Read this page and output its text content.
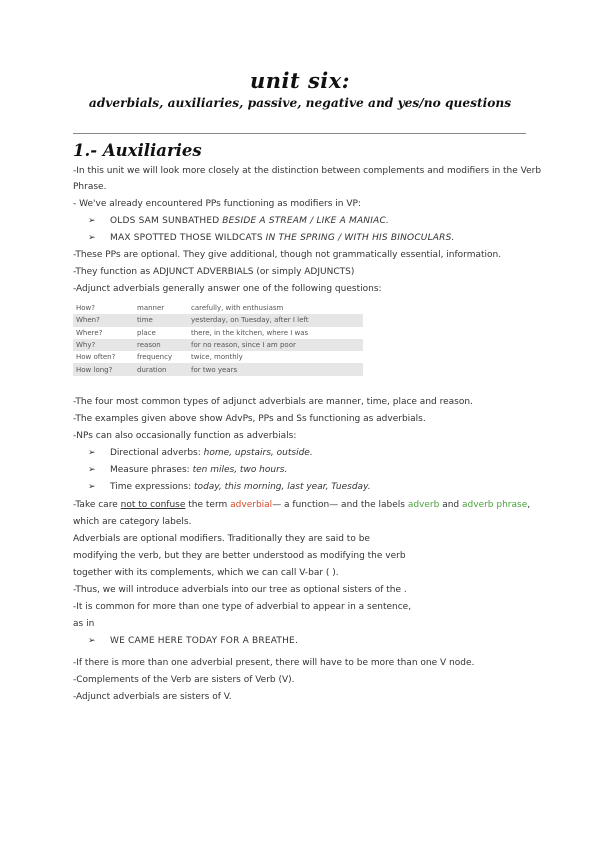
unit six:
adverbials, auxiliaries, passive, negative and yes/no questions
1.- Auxiliaries
-In this unit we will look more closely at the distinction between complements and modifiers in the Verb
Phrase.
- We've already encountered PPs functioning as modifiers in VP:
➢ OLDS SAM SUNBATHED BESIDE A STREAM / LIKE A MANIAC.
➢ MAX SPOTTED THOSE WILDCATS IN THE SPRING / WITH HIS BINOCULARS.
-These PPs are optional. They give additional, though not grammatically essential, information.
-They function as ADJUNCT ADVERBIALS (or simply ADJUNCTS)
-Adjunct adverbials generally answer one of the following questions:
How?	manner	carefully, with enthusiasm
When?	time	yesterday, on Tuesday, after I left
Where?	place	there, in the kitchen, where I was
Why?	reason	for no reason, since I am poor
How often?	frequency	twice, monthly
How long?	duration	for two years
-The four most common types of adjunct adverbials are manner, time, place and reason.
-The examples given above show AdvPs, PPs and Ss functioning as adverbials.
-NPs can also occasionally function as adverbials:
➢ Directional adverbs: home, upstairs, outside.
➢ Measure phrases: ten miles, two hours.
➢ Time expressions: today, this morning, last year, Tuesday.
-Take care not to confuse the term adverbial— a function— and the labels adverb and adverb phrase,
which are category labels.
Adverbials are optional modifiers. Traditionally they are said to be
modifying the verb, but they are better understood as modifying the verb
together with its complements, which we can call V-bar ( ).
-Thus, we will introduce adverbials into our tree as optional sisters of the .
-It is common for more than one type of adverbial to appear in a sentence,
as in
➢ WE CAME HERE TODAY FOR A BREATHE.
-If there is more than one adverbial present, there will have to be more than one V node.
-Complements of the Verb are sisters of Verb (V).
-Adjunct adverbials are sisters of V.
